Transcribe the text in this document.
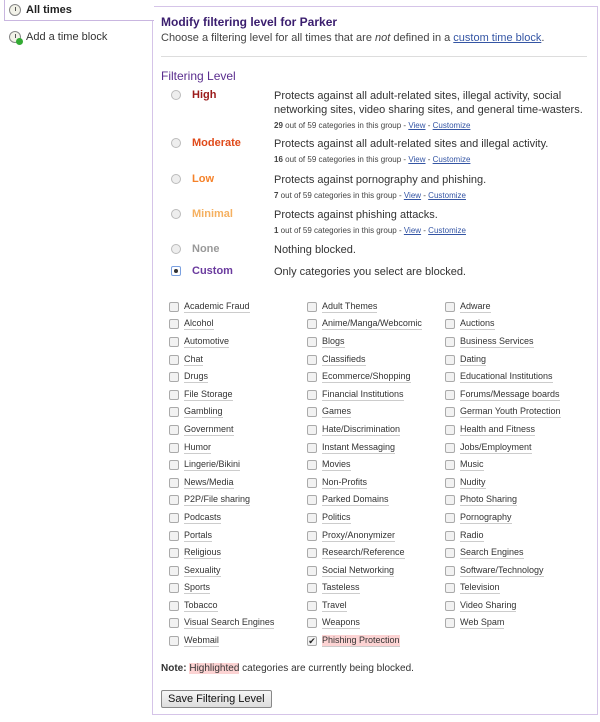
All times
Add a time block
Modify filtering level for Parker
Choose a filtering level for all times that are not defined in a custom time block.
Filtering Level
High	Protects against all adult-related sites, illegal activity, social networking sites, video sharing sites, and general time-wasters.
29 out of 59 categories in this group - View - Customize
Moderate	Protects against all adult-related sites and illegal activity.
16 out of 59 categories in this group - View - Customize
Low	Protects against pornography and phishing.
7 out of 59 categories in this group - View - Customize
Minimal	Protects against phishing attacks.
1 out of 59 categories in this group - View - Customize
None	Nothing blocked.
Custom	Only categories you select are blocked.
Academic Fraud	Adult Themes	Adware
Alcohol	Anime/Manga/Webcomic	Auctions
Automotive	Blogs	Business Services
Chat	Classifieds	Dating
Drugs	Ecommerce/Shopping	Educational Institutions
File Storage	Financial Institutions	Forums/Message boards
Gambling	Games	German Youth Protection
Government	Hate/Discrimination	Health and Fitness
Humor	Instant Messaging	Jobs/Employment
Lingerie/Bikini	Movies	Music
News/Media	Non-Profits	Nudity
P2P/File sharing	Parked Domains	Photo Sharing
Podcasts	Politics	Pornography
Portals	Proxy/Anonymizer	Radio
Religious	Research/Reference	Search Engines
Sexuality	Social Networking	Software/Technology
Sports	Tasteless	Television
Tobacco	Travel	Video Sharing
Visual Search Engines	Weapons	Web Spam
Webmail	✔ Phishing Protection
Note: Highlighted categories are currently being blocked.
Save Filtering Level
